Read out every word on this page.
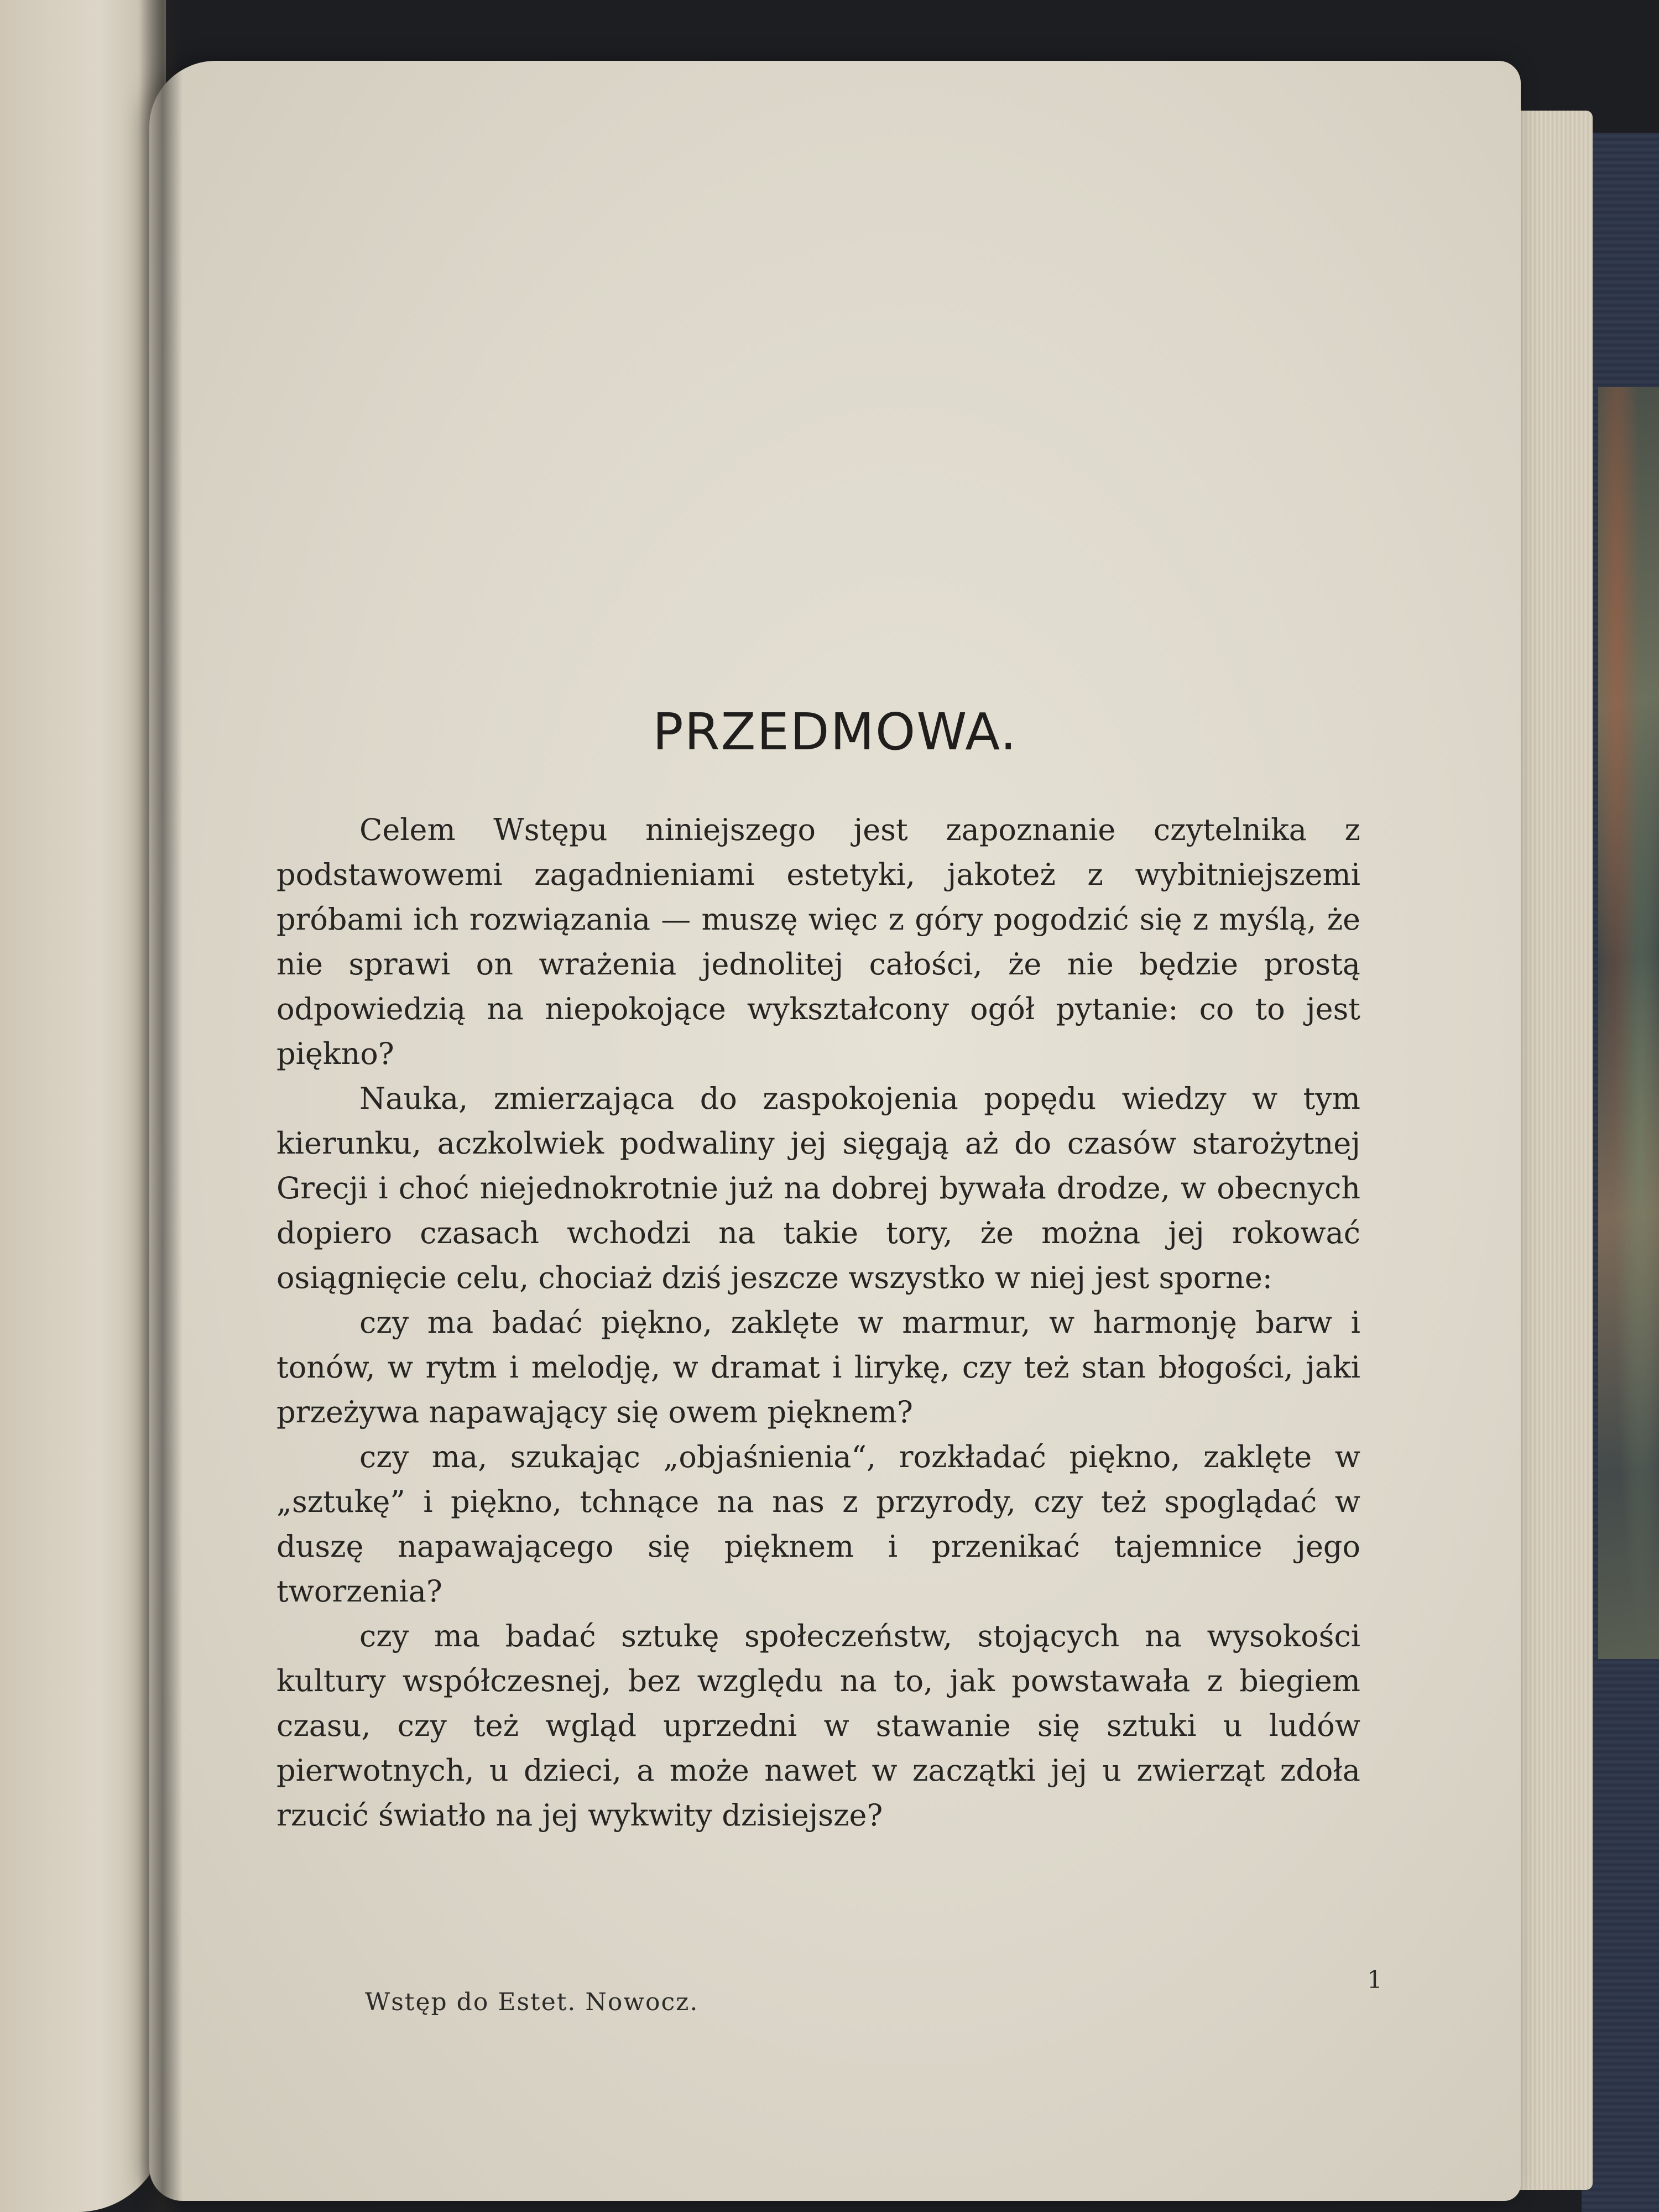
PRZEDMOWA.

Celem Wstępu niniejszego jest zapoznanie czytelnika z podstawowemi zagadnieniami estetyki, jakoteż z wybitniejszemi próbami ich rozwiązania — muszę więc z góry pogodzić się z myślą, że nie sprawi on wrażenia jednolitej całości, że nie będzie prostą odpowiedzią na niepokojące wykształcony ogół pytanie: co to jest piękno?

Nauka, zmierzająca do zaspokojenia popędu wiedzy w tym kierunku, aczkolwiek podwaliny jej sięgają aż do czasów starożytnej Grecji i choć niejednokrotnie już na dobrej bywała drodze, w obecnych dopiero czasach wchodzi na takie tory, że można jej rokować osiągnięcie celu, chociaż dziś jeszcze wszystko w niej jest sporne:

czy ma badać piękno, zaklęte w marmur, w harmonję barw i tonów, w rytm i melodję, w dramat i lirykę, czy też stan błogości, jaki przeżywa napawający się owem pięknem?

czy ma, szukając „objaśnienia“, rozkładać piękno, zaklęte w „sztukę” i piękno, tchnące na nas z przyrody, czy też spoglądać w duszę napawającego się pięknem i przenikać tajemnice jego tworzenia?

czy ma badać sztukę społeczeństw, stojących na wysokości kultury współczesnej, bez względu na to, jak powstawała z biegiem czasu, czy też wgląd uprzedni w stawanie się sztuki u ludów pierwotnych, u dzieci, a może nawet w zaczątki jej u zwierząt zdoła rzucić światło na jej wykwity dzisiejsze?

Wstęp do Estet. Nowocz.
1
